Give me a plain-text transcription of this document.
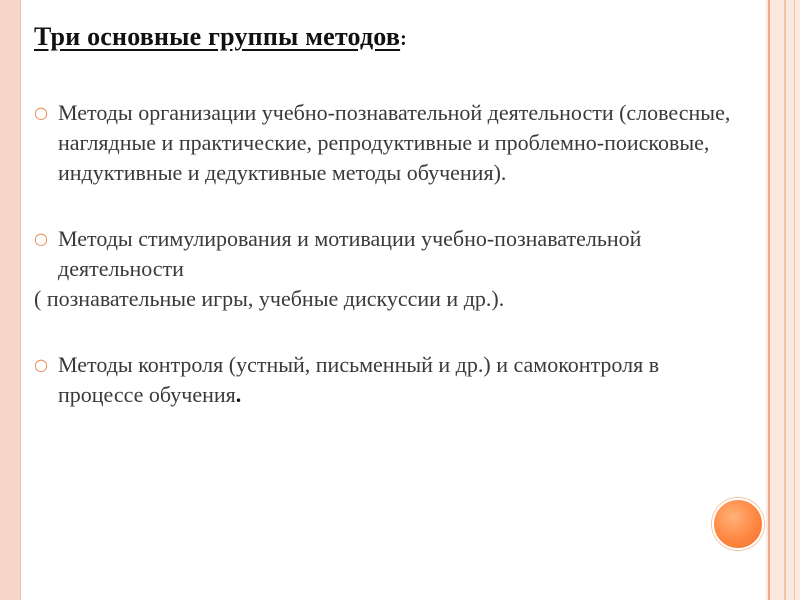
Три основные группы методов:
○ Методы организации учебно-познавательной деятельности (словесные, наглядные и практические, репродуктивные и проблемно-поисковые, индуктивные и дедуктивные методы обучения).
○ Методы стимулирования и мотивации учебно-познавательной деятельности
( познавательные игры, учебные дискуссии и др.).
○ Методы контроля (устный, письменный и др.) и самоконтроля в процессе обучения.
